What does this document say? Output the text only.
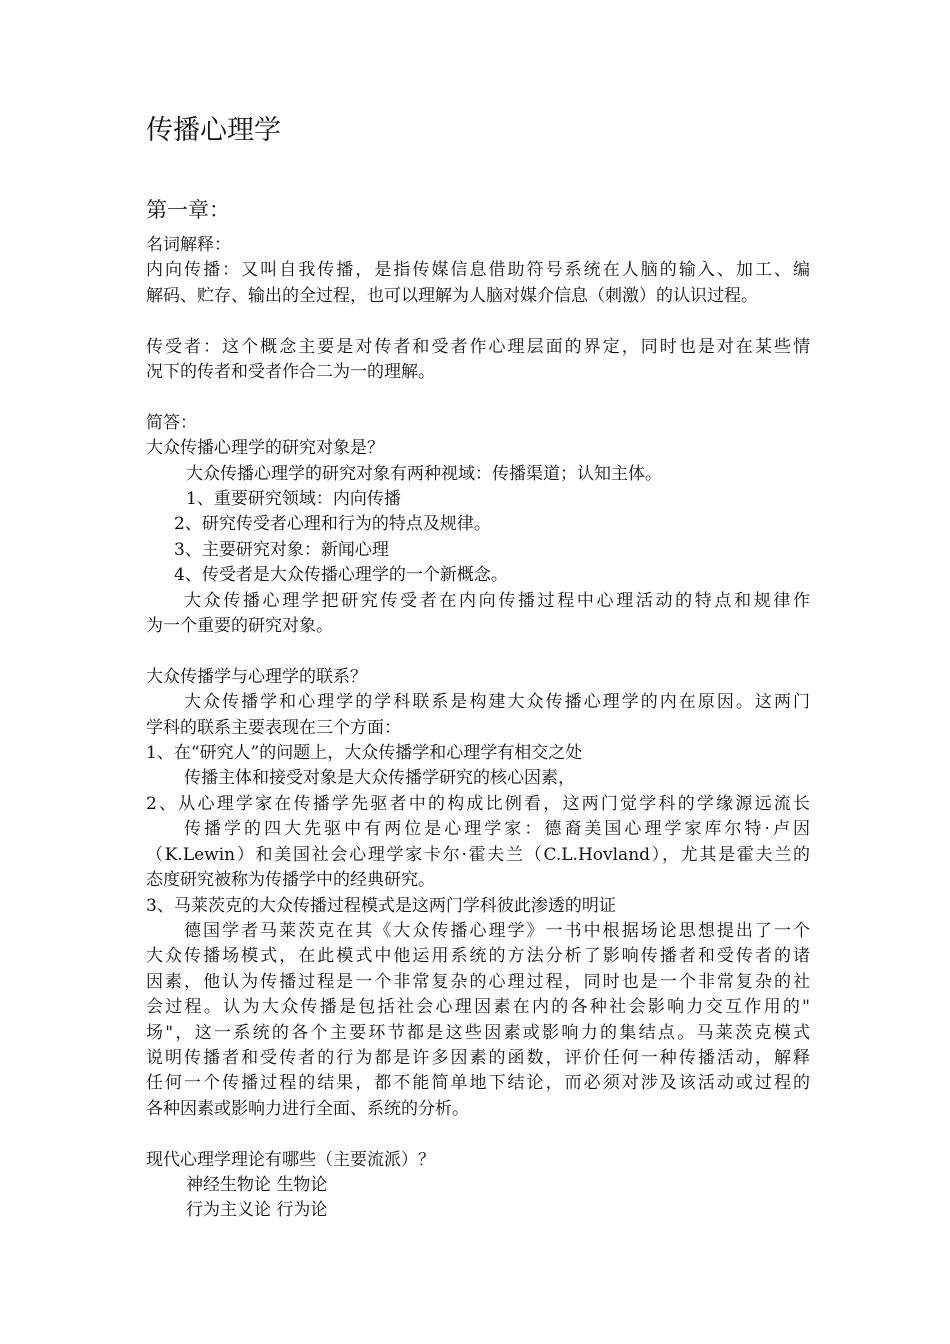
传播心理学
第一章：

名词解释：

内向传播：又叫自我传播，是指传媒信息借助符号系统在人脑的输入、加工、编

解码、贮存、输出的全过程，也可以理解为人脑对媒介信息（刺激）的认识过程。

传受者：这个概念主要是对传者和受者作心理层面的界定，同时也是对在某些情

况下的传者和受者作合二为一的理解。

简答：

大众传播心理学的研究对象是？

大众传播心理学的研究对象有两种视域：传播渠道；认知主体。

1、重要研究领域：内向传播

2、研究传受者心理和行为的特点及规律。

3、主要研究对象：新闻心理

4、传受者是大众传播心理学的一个新概念。

大众传播心理学把研究传受者在内向传播过程中心理活动的特点和规律作

为一个重要的研究对象。

大众传播学与心理学的联系？

大众传播学和心理学的学科联系是构建大众传播心理学的内在原因。这两门

学科的联系主要表现在三个方面：

1、在“研究人”的问题上，大众传播学和心理学有相交之处

传播主体和接受对象是大众传播学研究的核心因素，

2、从心理学家在传播学先驱者中的构成比例看，这两门觉学科的学缘源远流长

传播学的四大先驱中有两位是心理学家：德裔美国心理学家库尔特·卢因

（K.Lewin）和美国社会心理学家卡尔·霍夫兰（C.L.Hovland），尤其是霍夫兰的

态度研究被称为传播学中的经典研究。

3、马莱茨克的大众传播过程模式是这两门学科彼此渗透的明证

德国学者马莱茨克在其《大众传播心理学》一书中根据场论思想提出了一个

大众传播场模式，在此模式中他运用系统的方法分析了影响传播者和受传者的诸

因素，他认为传播过程是一个非常复杂的心理过程，同时也是一个非常复杂的社

会过程。认为大众传播是包括社会心理因素在内的各种社会影响力交互作用的"

场"，这一系统的各个主要环节都是这些因素或影响力的集结点。马莱茨克模式

说明传播者和受传者的行为都是许多因素的函数，评价任何一种传播活动，解释

任何一个传播过程的结果，都不能简单地下结论，而必须对涉及该活动或过程的

各种因素或影响力进行全面、系统的分析。

现代心理学理论有哪些（主要流派）？

神经生物论 生物论

行为主义论 行为论
